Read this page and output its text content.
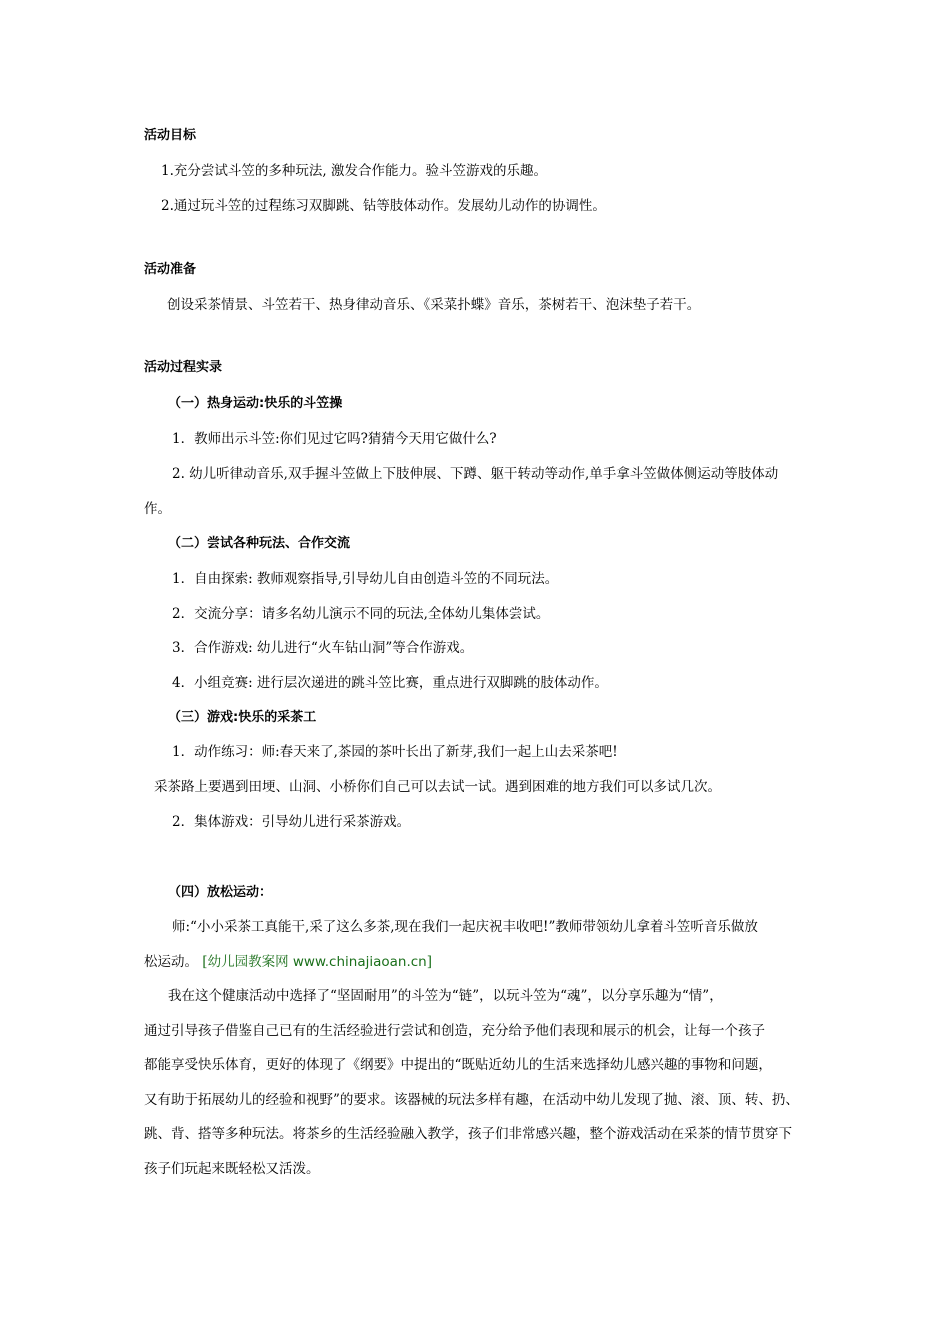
活动目标
1.充分尝试斗笠的多种玩法, 激发合作能力。验斗笠游戏的乐趣。
2.通过玩斗笠的过程练习双脚跳、钻等肢体动作。发展幼儿动作的协调性。
活动准备
创设采茶情景、斗笠若干、热身律动音乐、《采菜扑蝶》音乐，茶树若干、泡沫垫子若干。
活动过程实录
（一）热身运动:快乐的斗笠操
1．教师出示斗笠:你们见过它吗?猜猜今天用它做什么?
2. 幼儿听律动音乐,双手握斗笠做上下肢伸展、下蹲、躯干转动等动作,单手拿斗笠做体侧运动等肢体动
作。
（二）尝试各种玩法、合作交流
1．自由探索: 教师观察指导,引导幼儿自由创造斗笠的不同玩法。
2．交流分享：请多名幼儿演示不同的玩法,全体幼儿集体尝试。
3．合作游戏: 幼儿进行“火车钻山洞”等合作游戏。
4．小组竞赛: 进行层次递进的跳斗笠比赛，重点进行双脚跳的肢体动作。
（三）游戏:快乐的采茶工
1．动作练习：师:春天来了,茶园的茶叶长出了新芽,我们一起上山去采茶吧!
采茶路上要遇到田埂、山洞、小桥你们自己可以去试一试。遇到困难的地方我们可以多试几次。
2．集体游戏：引导幼儿进行采茶游戏。
（四）放松运动：
师:“小小采茶工真能干,采了这么多茶,现在我们一起庆祝丰收吧!”教师带领幼儿拿着斗笠听音乐做放
松运动。 [幼儿园教案网 www.chinajiaoan.cn]
我在这个健康活动中选择了“坚固耐用”的斗笠为“链”，以玩斗笠为“魂”，以分享乐趣为“情”，
通过引导孩子借鉴自己已有的生活经验进行尝试和创造，充分给予他们表现和展示的机会，让每一个孩子
都能享受快乐体育，更好的体现了《纲要》中提出的“既贴近幼儿的生活来选择幼儿感兴趣的事物和问题，
又有助于拓展幼儿的经验和视野”的要求。该器械的玩法多样有趣，在活动中幼儿发现了抛、滚、顶、转、扔、
跳、背、搭等多种玩法。将茶乡的生活经验融入教学，孩子们非常感兴趣，整个游戏活动在采茶的情节贯穿下
孩子们玩起来既轻松又活泼。
